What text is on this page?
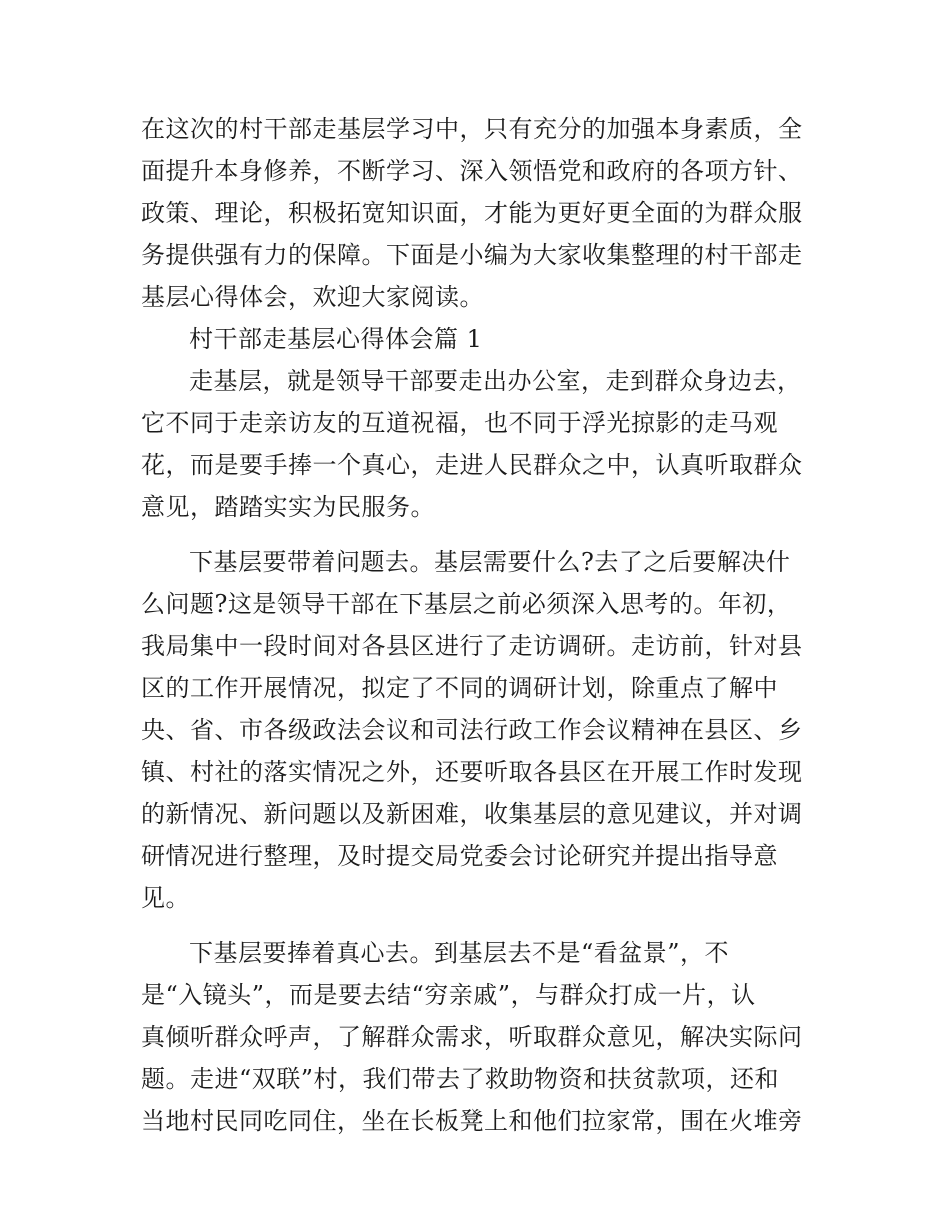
在这次的村干部走基层学习中，只有充分的加强本身素质，全
面提升本身修养，不断学习、深入领悟党和政府的各项方针、
政策、理论，积极拓宽知识面，才能为更好更全面的为群众服
务提供强有力的保障。下面是小编为大家收集整理的村干部走
基层心得体会，欢迎大家阅读。
村干部走基层心得体会篇 1
走基层，就是领导干部要走出办公室，走到群众身边去，
它不同于走亲访友的互道祝福，也不同于浮光掠影的走马观
花，而是要手捧一个真心，走进人民群众之中，认真听取群众
意见，踏踏实实为民服务。
下基层要带着问题去。基层需要什么?去了之后要解决什
么问题?这是领导干部在下基层之前必须深入思考的。年初，
我局集中一段时间对各县区进行了走访调研。走访前，针对县
区的工作开展情况，拟定了不同的调研计划，除重点了解中
央、省、市各级政法会议和司法行政工作会议精神在县区、乡
镇、村社的落实情况之外，还要听取各县区在开展工作时发现
的新情况、新问题以及新困难，收集基层的意见建议，并对调
研情况进行整理，及时提交局党委会讨论研究并提出指导意
见。
下基层要捧着真心去。到基层去不是“看盆景”，不
是“入镜头”，而是要去结“穷亲戚”，与群众打成一片，认
真倾听群众呼声，了解群众需求，听取群众意见，解决实际问
题。走进“双联”村，我们带去了救助物资和扶贫款项，还和
当地村民同吃同住，坐在长板凳上和他们拉家常，围在火堆旁
